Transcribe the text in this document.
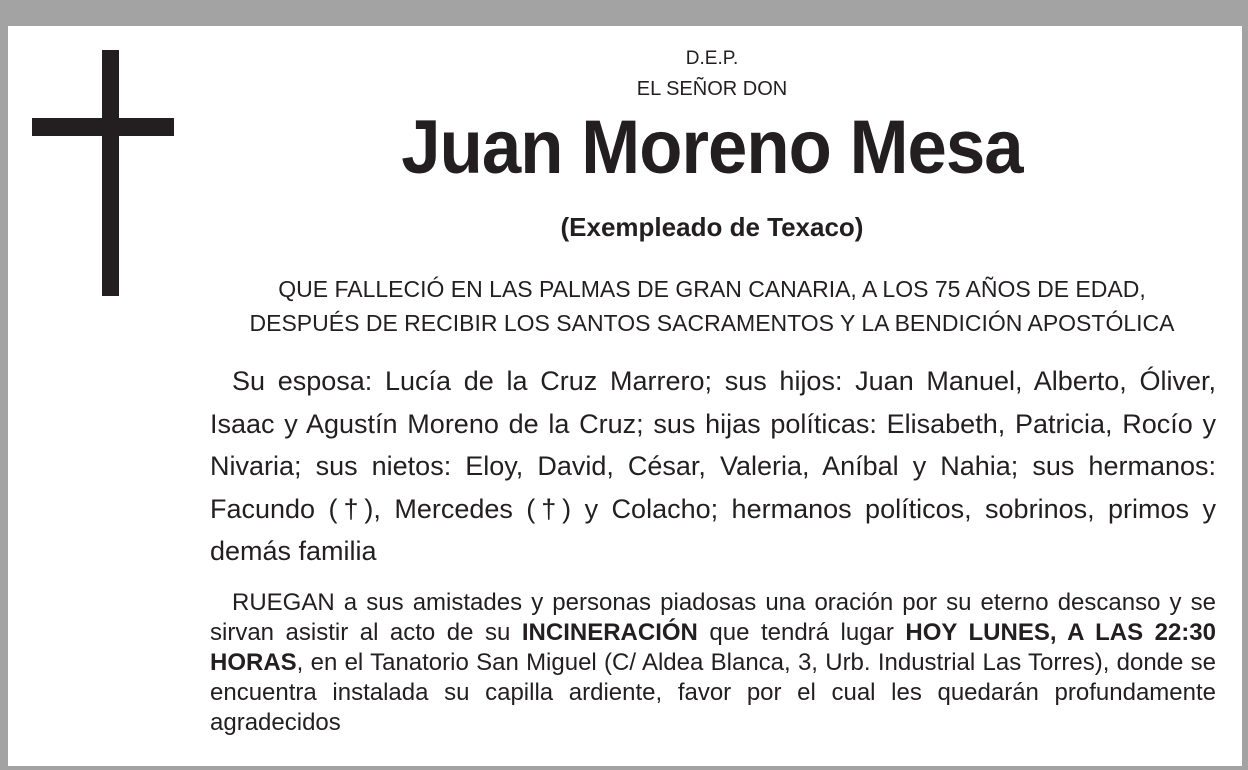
D.E.P.
EL SEÑOR DON
Juan Moreno Mesa
(Exempleado de Texaco)
QUE FALLECIÓ EN LAS PALMAS DE GRAN CANARIA, A LOS 75 AÑOS DE EDAD,
DESPUÉS DE RECIBIR LOS SANTOS SACRAMENTOS Y LA BENDICIÓN APOSTÓLICA
Su esposa: Lucía de la Cruz Marrero; sus hijos: Juan Manuel, Alberto, Óliver, Isaac y Agustín Moreno de la Cruz; sus hijas políticas: Elisabeth, Patricia, Rocío y Nivaria; sus nietos: Eloy, David, César, Valeria, Aníbal y Nahia; sus hermanos: Facundo (†), Mercedes (†) y Colacho; hermanos políticos, sobrinos, primos y demás familia
RUEGAN a sus amistades y personas piadosas una oración por su eterno descanso y se sirvan asistir al acto de su INCINERACIÓN que tendrá lugar HOY LUNES, A LAS 22:30 HORAS, en el Tanatorio San Miguel (C/ Aldea Blanca, 3, Urb. Industrial Las Torres), donde se encuentra instalada su capilla ardiente, favor por el cual les quedarán profundamente agradecidos
